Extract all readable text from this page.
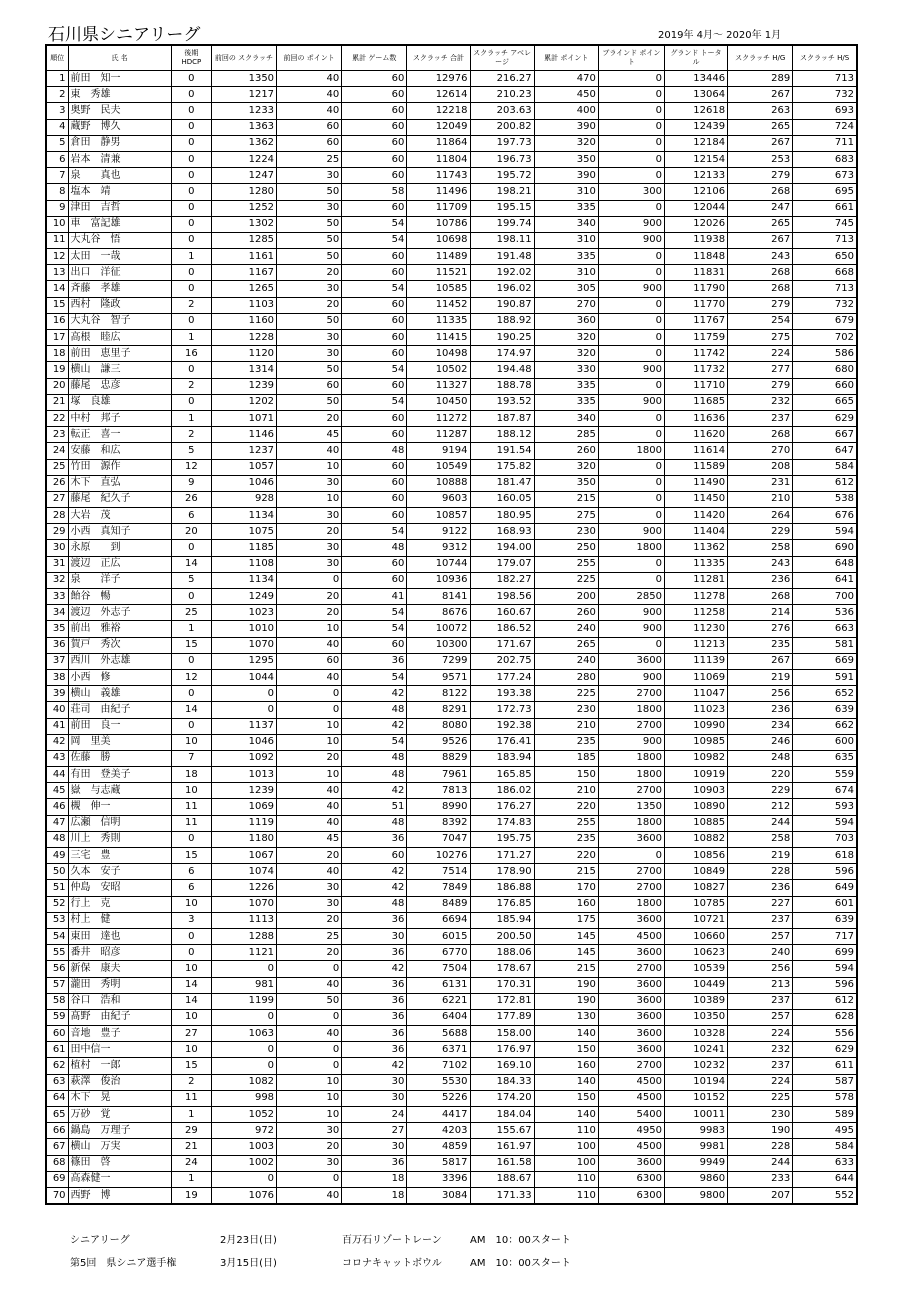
石川県シニアリーグ	2019年 4月～ 2020年 1月
順位	氏 名	後期 HDCP	前回の スクラッチ	前回の ポイント	累計 ゲーム数	スクラッチ 合計	スクラッチ アベレージ	累計 ポイント	ブラインド ポイント	グランド トータル	スクラッチ H/G	スクラッチ H/S
1	前田　知一	0	1350	40	60	12976	216.27	470	0	13446	289	713
2	東　秀雄	0	1217	40	60	12614	210.23	450	0	13064	267	732
3	奥野　民夫	0	1233	40	60	12218	203.63	400	0	12618	263	693
4	蔵野　博久	0	1363	60	60	12049	200.82	390	0	12439	265	724
5	倉田　静男	0	1362	60	60	11864	197.73	320	0	12184	267	711
6	岩本　清兼	0	1224	25	60	11804	196.73	350	0	12154	253	683
7	泉　　真也	0	1247	30	60	11743	195.72	390	0	12133	279	673
8	塩本　靖	0	1280	50	58	11496	198.21	310	300	12106	268	695
9	津田　吉哲	0	1252	30	60	11709	195.15	335	0	12044	247	661
10	車　富記雄	0	1302	50	54	10786	199.74	340	900	12026	265	745
11	大丸谷　悟	0	1285	50	54	10698	198.11	310	900	11938	267	713
12	太田　一哉	1	1161	50	60	11489	191.48	335	0	11848	243	650
13	出口　洋征	0	1167	20	60	11521	192.02	310	0	11831	268	668
14	斉藤　孝雄	0	1265	30	54	10585	196.02	305	900	11790	268	713
15	西村　隆政	2	1103	20	60	11452	190.87	270	0	11770	279	732
16	大丸谷　智子	0	1160	50	60	11335	188.92	360	0	11767	254	679
17	高根　睦広	1	1228	30	60	11415	190.25	320	0	11759	275	702
18	前田　恵里子	16	1120	30	60	10498	174.97	320	0	11742	224	586
19	横山　謙三	0	1314	50	54	10502	194.48	330	900	11732	277	680
20	藤尾　忠彦	2	1239	60	60	11327	188.78	335	0	11710	279	660
21	塚　良雄	0	1202	50	54	10450	193.52	335	900	11685	232	665
22	中村　邦子	1	1071	20	60	11272	187.87	340	0	11636	237	629
23	転正　喜一	2	1146	45	60	11287	188.12	285	0	11620	268	667
24	安藤　和広	5	1237	40	48	9194	191.54	260	1800	11614	270	647
25	竹田　源作	12	1057	10	60	10549	175.82	320	0	11589	208	584
26	木下　直弘	9	1046	30	60	10888	181.47	350	0	11490	231	612
27	藤尾　紀久子	26	928	10	60	9603	160.05	215	0	11450	210	538
28	大岩　茂	6	1134	30	60	10857	180.95	275	0	11420	264	676
29	小西　真知子	20	1075	20	54	9122	168.93	230	900	11404	229	594
30	永原　　到	0	1185	30	48	9312	194.00	250	1800	11362	258	690
31	渡辺　正広	14	1108	30	60	10744	179.07	255	0	11335	243	648
32	泉　　洋子	5	1134	0	60	10936	182.27	225	0	11281	236	641
33	飴谷　暢	0	1249	20	41	8141	198.56	200	2850	11278	268	700
34	渡辺　外志子	25	1023	20	54	8676	160.67	260	900	11258	214	536
35	前出　雅裕	1	1010	10	54	10072	186.52	240	900	11230	276	663
36	賀戸　秀次	15	1070	40	60	10300	171.67	265	0	11213	235	581
37	西川　外志雄	0	1295	60	36	7299	202.75	240	3600	11139	267	669
38	小西　修	12	1044	40	54	9571	177.24	280	900	11069	219	591
39	横山　義雄	0	0	0	42	8122	193.38	225	2700	11047	256	652
40	荘司　由紀子	14	0	0	48	8291	172.73	230	1800	11023	236	639
41	前田　良一	0	1137	10	42	8080	192.38	210	2700	10990	234	662
42	岡　里美	10	1046	10	54	9526	176.41	235	900	10985	246	600
43	佐藤　勝	7	1092	20	48	8829	183.94	185	1800	10982	248	635
44	有田　登美子	18	1013	10	48	7961	165.85	150	1800	10919	220	559
45	嶽　与志蔵	10	1239	40	42	7813	186.02	210	2700	10903	229	674
46	槻　伸一	11	1069	40	51	8990	176.27	220	1350	10890	212	593
47	広瀬　信明	11	1119	40	48	8392	174.83	255	1800	10885	244	594
48	川上　秀則	0	1180	45	36	7047	195.75	235	3600	10882	258	703
49	三宅　豊	15	1067	20	60	10276	171.27	220	0	10856	219	618
50	久本　安子	6	1074	40	42	7514	178.90	215	2700	10849	228	596
51	仲島　安昭	6	1226	30	42	7849	186.88	170	2700	10827	236	649
52	行上　克	10	1070	30	48	8489	176.85	160	1800	10785	227	601
53	村上　健	3	1113	20	36	6694	185.94	175	3600	10721	237	639
54	東田　達也	0	1288	25	30	6015	200.50	145	4500	10660	257	717
55	番井　昭彦	0	1121	20	36	6770	188.06	145	3600	10623	240	699
56	新保　康夫	10	0	0	42	7504	178.67	215	2700	10539	256	594
57	瀧田　秀明	14	981	40	36	6131	170.31	190	3600	10449	213	596
58	谷口　浩和	14	1199	50	36	6221	172.81	190	3600	10389	237	612
59	髙野　由紀子	10	0	0	36	6404	177.89	130	3600	10350	257	628
60	音地　豊子	27	1063	40	36	5688	158.00	140	3600	10328	224	556
61	田中信一	10	0	0	36	6371	176.97	150	3600	10241	232	629
62	植村　一郎	15	0	0	42	7102	169.10	160	2700	10232	237	611
63	萩澤　俊治	2	1082	10	30	5530	184.33	140	4500	10194	224	587
64	木下　晃	11	998	10	30	5226	174.20	150	4500	10152	225	578
65	万砂　覚	1	1052	10	24	4417	184.04	140	5400	10011	230	589
66	鍋島　万理子	29	972	30	27	4203	155.67	110	4950	9983	190	495
67	横山　万実	21	1003	20	30	4859	161.97	100	4500	9981	228	584
68	篠田　啓	24	1002	30	36	5817	161.58	100	3600	9949	244	633
69	高森健一	1	0	0	18	3396	188.67	110	6300	9860	233	644
70	西野　博	19	1076	40	18	3084	171.33	110	6300	9800	207	552
シニアリーグ	2月23日(日)	百万石リゾートレーン	AM　10：00スタート
第5回　県シニア選手権	3月15日(日)	コロナキャットボウル	AM　10：00スタート
